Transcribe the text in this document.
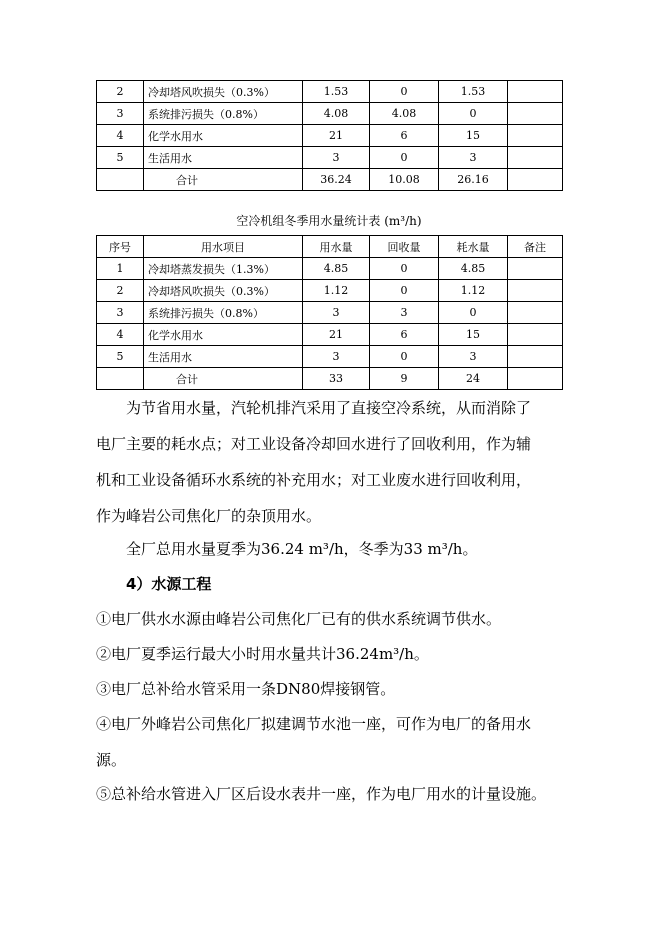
2	冷却塔风吹损失（0.3%）	1.53	0	1.53	
3	系统排污损失（0.8%）	4.08	4.08	0	
4	化学水用水	21	6	15	
5	生活用水	3	0	3	
	合计	36.24	10.08	26.16	
空冷机组冬季用水量统计表 (m³/h)
序号	用水项目	用水量	回收量	耗水量	备注
1	冷却塔蒸发损失（1.3%）	4.85	0	4.85	
2	冷却塔风吹损失（0.3%）	1.12	0	1.12	
3	系统排污损失（0.8%）	3	3	0	
4	化学水用水	21	6	15	
5	生活用水	3	0	3	
	合计	33	9	24	
为节省用水量，汽轮机排汽采用了直接空冷系统，从而消除了
电厂主要的耗水点；对工业设备冷却回水进行了回收利用，作为辅
机和工业设备循环水系统的补充用水；对工业废水进行回收利用，
作为峰岩公司焦化厂的杂顶用水。
全厂总用水量夏季为36.24 m³/h，冬季为33 m³/h。
4）水源工程
①电厂供水水源由峰岩公司焦化厂已有的供水系统调节供水。
②电厂夏季运行最大小时用水量共计36.24m³/h。
③电厂总补给水管采用一条DN80焊接钢管。
④电厂外峰岩公司焦化厂拟建调节水池一座，可作为电厂的备用水
源。
⑤总补给水管进入厂区后设水表井一座，作为电厂用水的计量设施。
